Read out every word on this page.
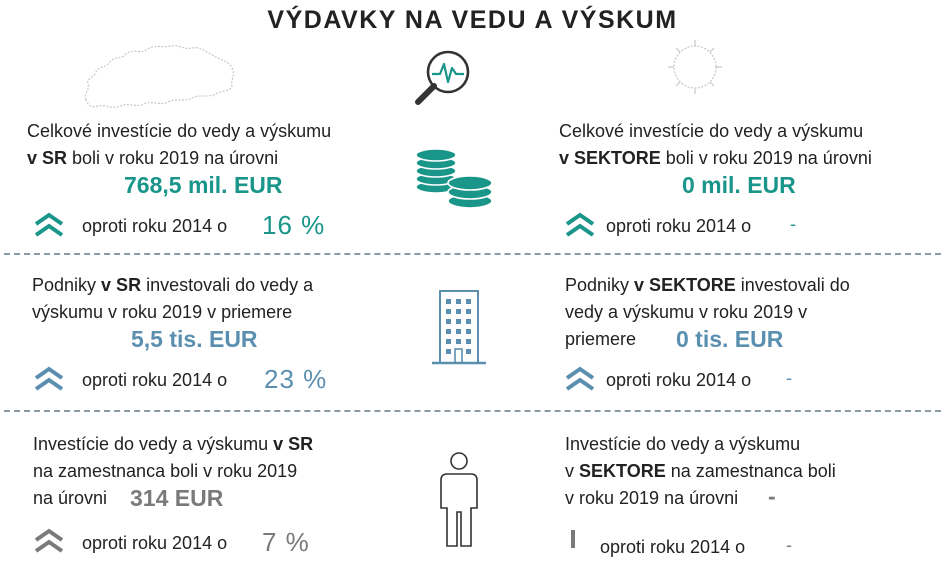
VÝDAVKY NA VEDU A VÝSKUM
Celkové investície do vedy a výskumu
v SR boli v roku 2019 na úrovni
768,5 mil. EUR
oproti roku 2014 o 16 %
Celkové investície do vedy a výskumu
v SEKTORE boli v roku 2019 na úrovni
0 mil. EUR
oproti roku 2014 o -
Podniky v SR investovali do vedy a
výskumu v roku 2019 v priemere
5,5 tis. EUR
oproti roku 2014 o 23 %
Podniky v SEKTORE investovali do
vedy a výskumu v roku 2019 v
priemere 0 tis. EUR
oproti roku 2014 o -
Investície do vedy a výskumu v SR
na zamestnanca boli v roku 2019
na úrovni 314 EUR
oproti roku 2014 o 7 %
Investície do vedy a výskumu
v SEKTORE na zamestnanca boli
v roku 2019 na úrovni -
oproti roku 2014 o -
